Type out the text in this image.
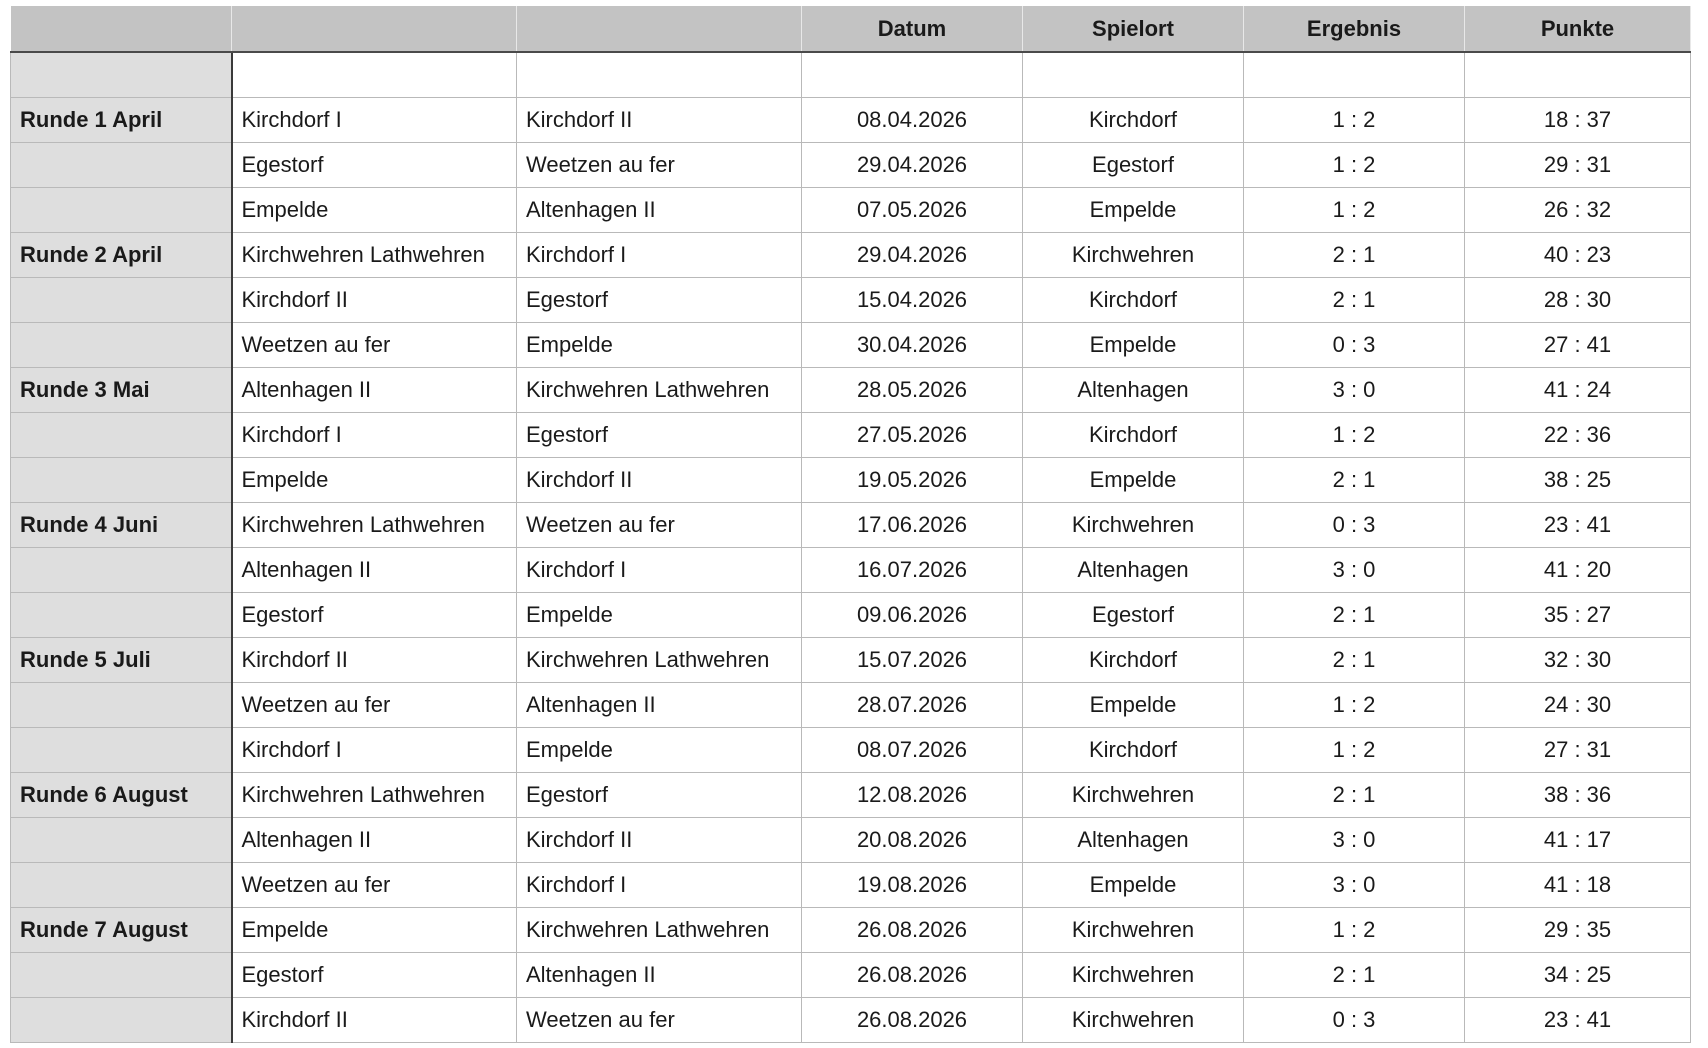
			Datum	Spielort	Ergebnis	Punkte

Runde 1 April	Kirchdorf I	Kirchdorf II	08.04.2026	Kirchdorf	1 : 2	18 : 37
	Egestorf	Weetzen au fer	29.04.2026	Egestorf	1 : 2	29 : 31
	Empelde	Altenhagen II	07.05.2026	Empelde	1 : 2	26 : 32
Runde 2 April	Kirchwehren Lathwehren	Kirchdorf I	29.04.2026	Kirchwehren	2 : 1	40 : 23
	Kirchdorf II	Egestorf	15.04.2026	Kirchdorf	2 : 1	28 : 30
	Weetzen au fer	Empelde	30.04.2026	Empelde	0 : 3	27 : 41
Runde 3 Mai	Altenhagen II	Kirchwehren Lathwehren	28.05.2026	Altenhagen	3 : 0	41 : 24
	Kirchdorf I	Egestorf	27.05.2026	Kirchdorf	1 : 2	22 : 36
	Empelde	Kirchdorf II	19.05.2026	Empelde	2 : 1	38 : 25
Runde 4 Juni	Kirchwehren Lathwehren	Weetzen au fer	17.06.2026	Kirchwehren	0 : 3	23 : 41
	Altenhagen II	Kirchdorf I	16.07.2026	Altenhagen	3 : 0	41 : 20
	Egestorf	Empelde	09.06.2026	Egestorf	2 : 1	35 : 27
Runde 5 Juli	Kirchdorf II	Kirchwehren Lathwehren	15.07.2026	Kirchdorf	2 : 1	32 : 30
	Weetzen au fer	Altenhagen II	28.07.2026	Empelde	1 : 2	24 : 30
	Kirchdorf I	Empelde	08.07.2026	Kirchdorf	1 : 2	27 : 31
Runde 6 August	Kirchwehren Lathwehren	Egestorf	12.08.2026	Kirchwehren	2 : 1	38 : 36
	Altenhagen II	Kirchdorf II	20.08.2026	Altenhagen	3 : 0	41 : 17
	Weetzen au fer	Kirchdorf I	19.08.2026	Empelde	3 : 0	41 : 18
Runde 7 August	Empelde	Kirchwehren Lathwehren	26.08.2026	Kirchwehren	1 : 2	29 : 35
	Egestorf	Altenhagen II	26.08.2026	Kirchwehren	2 : 1	34 : 25
	Kirchdorf II	Weetzen au fer	26.08.2026	Kirchwehren	0 : 3	23 : 41
